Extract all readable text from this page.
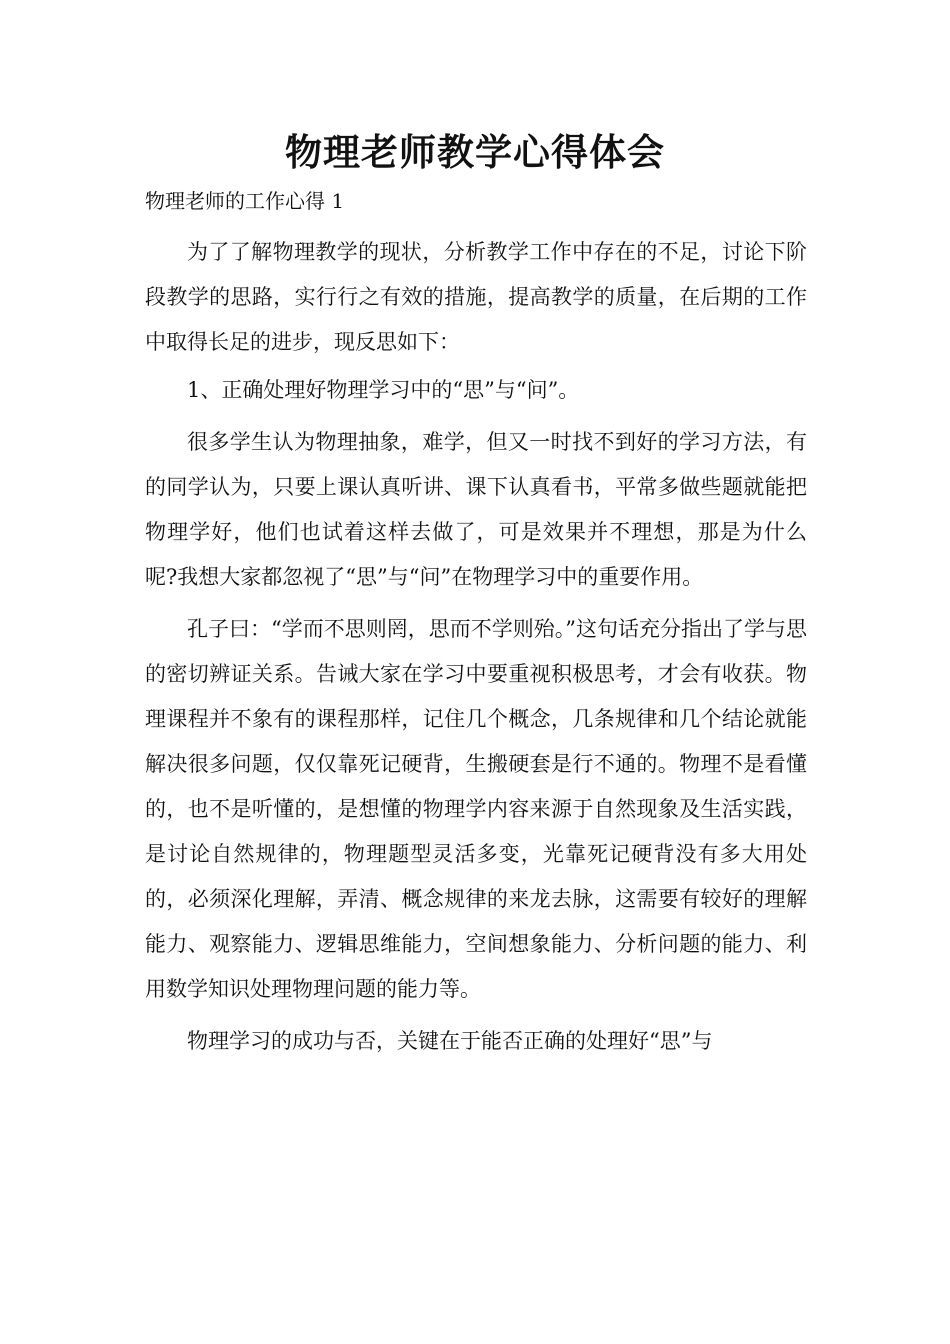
物理老师教学心得体会

物理老师的工作心得 1

为了了解物理教学的现状，分析教学工作中存在的不足，讨论下阶段教学的思路，实行行之有效的措施，提高教学的质量，在后期的工作中取得长足的进步，现反思如下：

1、正确处理好物理学习中的“思”与“问”。

很多学生认为物理抽象，难学，但又一时找不到好的学习方法，有的同学认为，只要上课认真听讲、课下认真看书，平常多做些题就能把物理学好，他们也试着这样去做了，可是效果并不理想，那是为什么呢?我想大家都忽视了“思”与“问”在物理学习中的重要作用。

孔子曰：“学而不思则罔，思而不学则殆。”这句话充分指出了学与思的密切辨证关系。告诫大家在学习中要重视积极思考，才会有收获。物理课程并不象有的课程那样，记住几个概念，几条规律和几个结论就能解决很多问题，仅仅靠死记硬背，生搬硬套是行不通的。物理不是看懂的，也不是听懂的，是想懂的物理学内容来源于自然现象及生活实践，是讨论自然规律的，物理题型灵活多变，光靠死记硬背没有多大用处的，必须深化理解，弄清、概念规律的来龙去脉，这需要有较好的理解能力、观察能力、逻辑思维能力，空间想象能力、分析问题的能力、利用数学知识处理物理问题的能力等。

物理学习的成功与否，关键在于能否正确的处理好“思”与
